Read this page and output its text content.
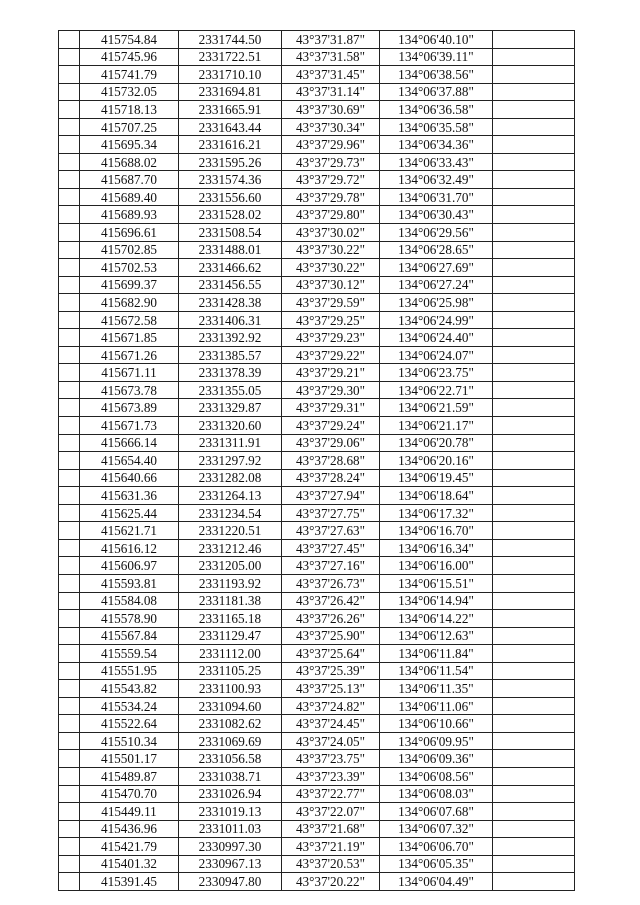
	415754.84	2331744.50	43°37'31.87"	134°06'40.10"	
	415745.96	2331722.51	43°37'31.58"	134°06'39.11"	
	415741.79	2331710.10	43°37'31.45"	134°06'38.56"	
	415732.05	2331694.81	43°37'31.14"	134°06'37.88"	
	415718.13	2331665.91	43°37'30.69"	134°06'36.58"	
	415707.25	2331643.44	43°37'30.34"	134°06'35.58"	
	415695.34	2331616.21	43°37'29.96"	134°06'34.36"	
	415688.02	2331595.26	43°37'29.73"	134°06'33.43"	
	415687.70	2331574.36	43°37'29.72"	134°06'32.49"	
	415689.40	2331556.60	43°37'29.78"	134°06'31.70"	
	415689.93	2331528.02	43°37'29.80"	134°06'30.43"	
	415696.61	2331508.54	43°37'30.02"	134°06'29.56"	
	415702.85	2331488.01	43°37'30.22"	134°06'28.65"	
	415702.53	2331466.62	43°37'30.22"	134°06'27.69"	
	415699.37	2331456.55	43°37'30.12"	134°06'27.24"	
	415682.90	2331428.38	43°37'29.59"	134°06'25.98"	
	415672.58	2331406.31	43°37'29.25"	134°06'24.99"	
	415671.85	2331392.92	43°37'29.23"	134°06'24.40"	
	415671.26	2331385.57	43°37'29.22"	134°06'24.07"	
	415671.11	2331378.39	43°37'29.21"	134°06'23.75"	
	415673.78	2331355.05	43°37'29.30"	134°06'22.71"	
	415673.89	2331329.87	43°37'29.31"	134°06'21.59"	
	415671.73	2331320.60	43°37'29.24"	134°06'21.17"	
	415666.14	2331311.91	43°37'29.06"	134°06'20.78"	
	415654.40	2331297.92	43°37'28.68"	134°06'20.16"	
	415640.66	2331282.08	43°37'28.24"	134°06'19.45"	
	415631.36	2331264.13	43°37'27.94"	134°06'18.64"	
	415625.44	2331234.54	43°37'27.75"	134°06'17.32"	
	415621.71	2331220.51	43°37'27.63"	134°06'16.70"	
	415616.12	2331212.46	43°37'27.45"	134°06'16.34"	
	415606.97	2331205.00	43°37'27.16"	134°06'16.00"	
	415593.81	2331193.92	43°37'26.73"	134°06'15.51"	
	415584.08	2331181.38	43°37'26.42"	134°06'14.94"	
	415578.90	2331165.18	43°37'26.26"	134°06'14.22"	
	415567.84	2331129.47	43°37'25.90"	134°06'12.63"	
	415559.54	2331112.00	43°37'25.64"	134°06'11.84"	
	415551.95	2331105.25	43°37'25.39"	134°06'11.54"	
	415543.82	2331100.93	43°37'25.13"	134°06'11.35"	
	415534.24	2331094.60	43°37'24.82"	134°06'11.06"	
	415522.64	2331082.62	43°37'24.45"	134°06'10.66"	
	415510.34	2331069.69	43°37'24.05"	134°06'09.95"	
	415501.17	2331056.58	43°37'23.75"	134°06'09.36"	
	415489.87	2331038.71	43°37'23.39"	134°06'08.56"	
	415470.70	2331026.94	43°37'22.77"	134°06'08.03"	
	415449.11	2331019.13	43°37'22.07"	134°06'07.68"	
	415436.96	2331011.03	43°37'21.68"	134°06'07.32"	
	415421.79	2330997.30	43°37'21.19"	134°06'06.70"	
	415401.32	2330967.13	43°37'20.53"	134°06'05.35"	
	415391.45	2330947.80	43°37'20.22"	134°06'04.49"	
